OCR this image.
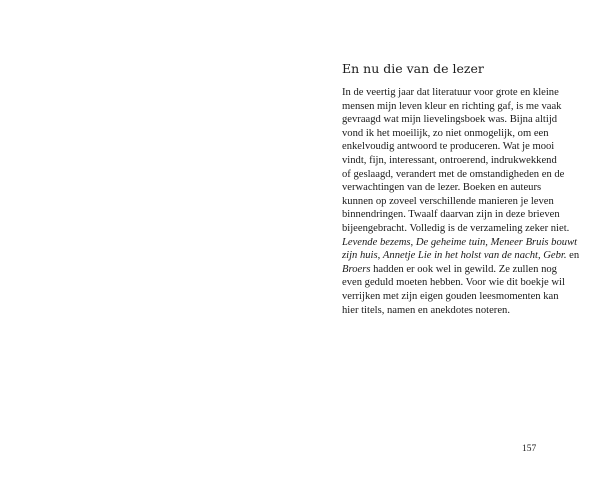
En nu die van de lezer

In de veertig jaar dat literatuur voor grote en kleine
mensen mijn leven kleur en richting gaf, is me vaak
gevraagd wat mijn lievelingsboek was. Bijna altijd
vond ik het moeilijk, zo niet onmogelijk, om een
enkelvoudig antwoord te produceren. Wat je mooi
vindt, fijn, interessant, ontroerend, indrukwekkend
of geslaagd, verandert met de omstandigheden en de
verwachtingen van de lezer. Boeken en auteurs
kunnen op zoveel verschillende manieren je leven
binnendringen. Twaalf daarvan zijn in deze brieven
bijeengebracht. Volledig is de verzameling zeker niet.
Levende bezems, De geheime tuin, Meneer Bruis bouwt
zijn huis, Annetje Lie in het holst van de nacht, Gebr. en
Broers hadden er ook wel in gewild. Ze zullen nog
even geduld moeten hebben. Voor wie dit boekje wil
verrijken met zijn eigen gouden leesmomenten kan
hier titels, namen en anekdotes noteren.

157
